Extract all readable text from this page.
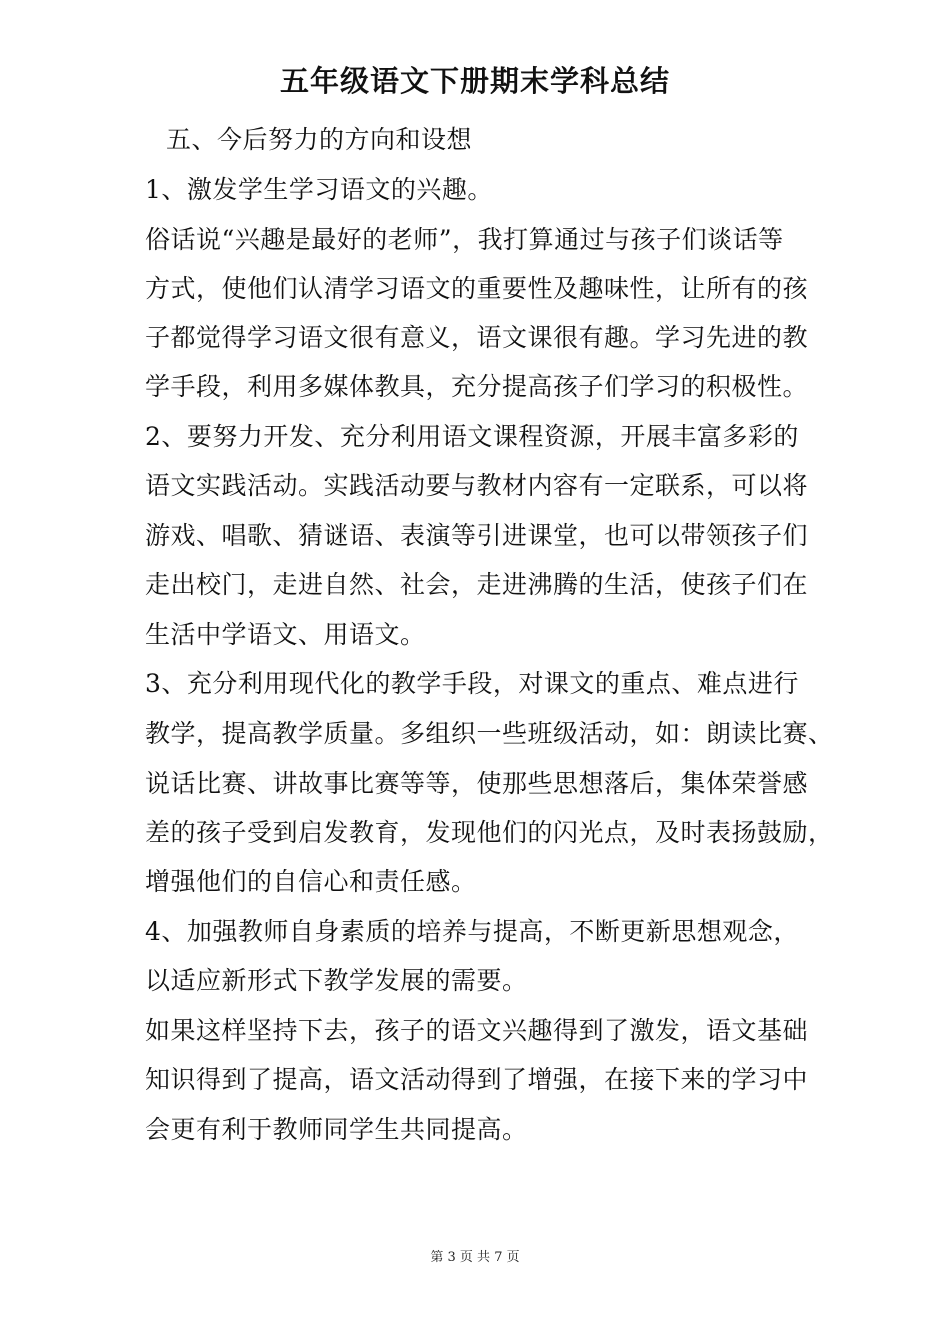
五年级语文下册期末学科总结
五、今后努力的方向和设想
1、激发学生学习语文的兴趣。
俗话说“兴趣是最好的老师”，我打算通过与孩子们谈话等
方式，使他们认清学习语文的重要性及趣味性，让所有的孩
子都觉得学习语文很有意义，语文课很有趣。学习先进的教
学手段，利用多媒体教具，充分提高孩子们学习的积极性。
2、要努力开发、充分利用语文课程资源，开展丰富多彩的
语文实践活动。实践活动要与教材内容有一定联系，可以将
游戏、唱歌、猜谜语、表演等引进课堂，也可以带领孩子们
走出校门，走进自然、社会，走进沸腾的生活，使孩子们在
生活中学语文、用语文。
3、充分利用现代化的教学手段，对课文的重点、难点进行
教学，提高教学质量。多组织一些班级活动，如：朗读比赛、
说话比赛、讲故事比赛等等，使那些思想落后，集体荣誉感
差的孩子受到启发教育，发现他们的闪光点，及时表扬鼓励，
增强他们的自信心和责任感。
4、加强教师自身素质的培养与提高，不断更新思想观念，
以适应新形式下教学发展的需要。
如果这样坚持下去，孩子的语文兴趣得到了激发，语文基础
知识得到了提高，语文活动得到了增强，在接下来的学习中
会更有利于教师同学生共同提高。
第 3 页 共 7 页
